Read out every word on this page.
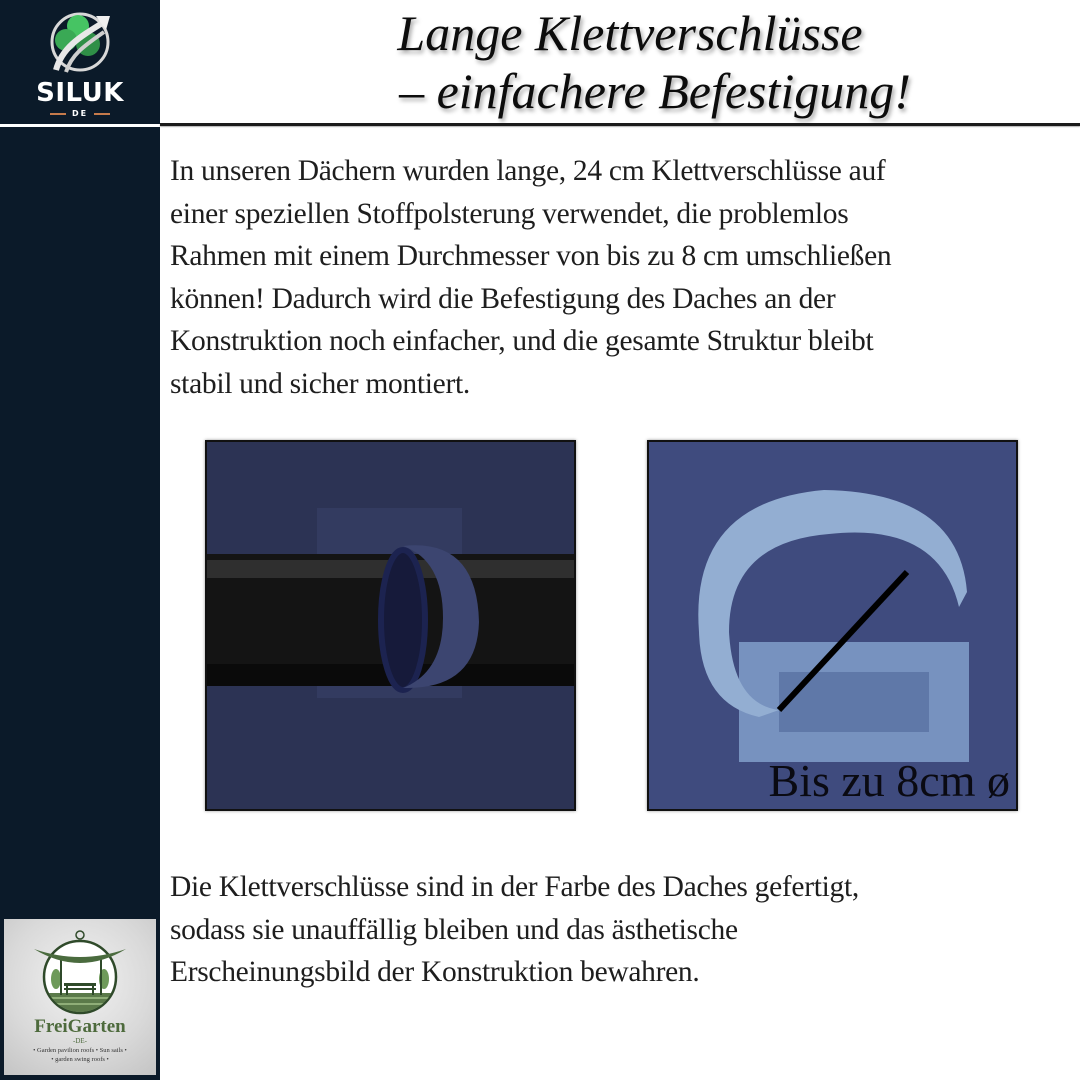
SILUK
DE
FreiGarten
-DE-
• Garden pavilion roofs • Sun sails •
• garden swing roofs •
Lange Klettverschlüsse
– einfachere Befestigung!
In unseren Dächern wurden lange, 24 cm Klettverschlüsse auf
einer speziellen Stoffpolsterung verwendet, die problemlos
Rahmen mit einem Durchmesser von bis zu 8 cm umschließen
können! Dadurch wird die Befestigung des Daches an der
Konstruktion noch einfacher, und die gesamte Struktur bleibt
stabil und sicher montiert.
Bis zu 8cm ø
Die Klettverschlüsse sind in der Farbe des Daches gefertigt,
sodass sie unauffällig bleiben und das ästhetische
Erscheinungsbild der Konstruktion bewahren.
